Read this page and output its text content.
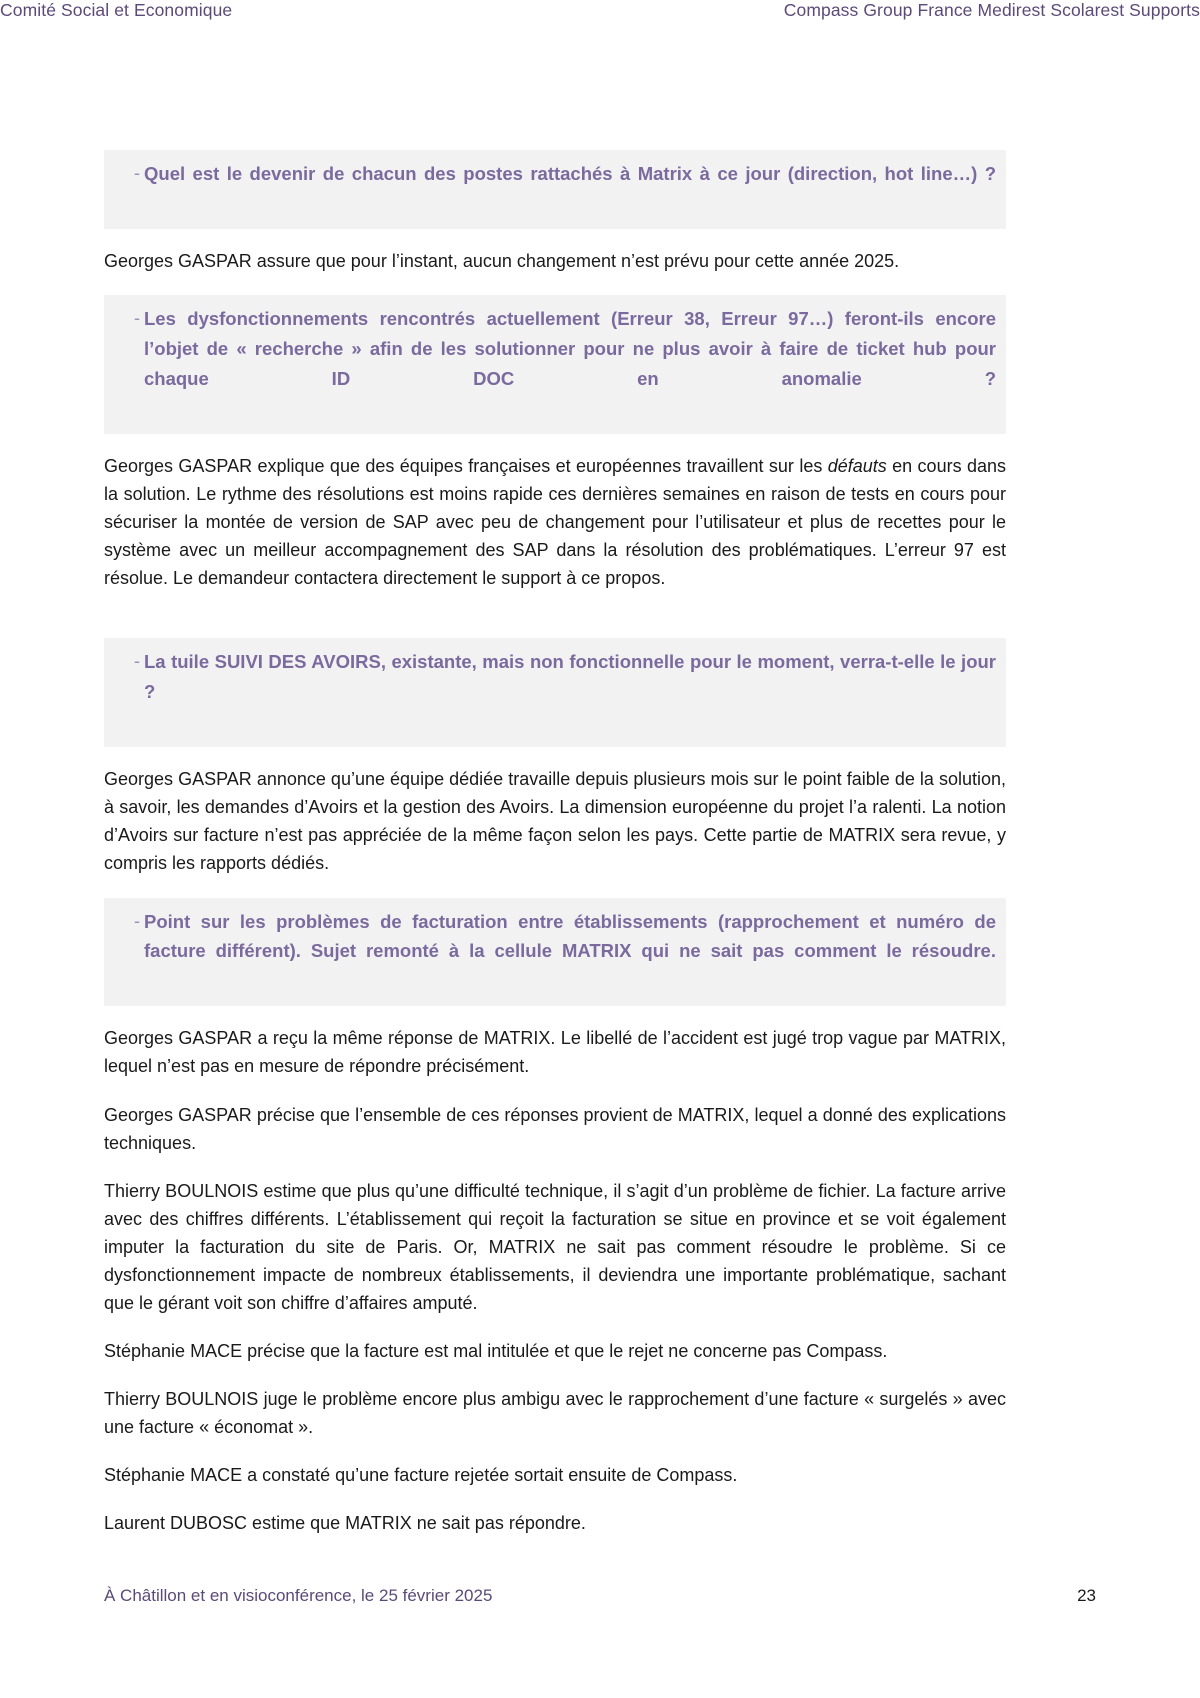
Comité Social et Economique	Compass Group France Medirest Scolarest Supports
- Quel est le devenir de chacun des postes rattachés à Matrix à ce jour (direction, hot line…) ?

Georges GASPAR assure que pour l’instant, aucun changement n’est prévu pour cette année 2025.

- Les dysfonctionnements rencontrés actuellement (Erreur 38, Erreur 97…) feront-ils encore l’objet de « recherche » afin de les solutionner pour ne plus avoir à faire de ticket hub pour chaque ID DOC en anomalie ?

Georges GASPAR explique que des équipes françaises et européennes travaillent sur les défauts en cours dans la solution. Le rythme des résolutions est moins rapide ces dernières semaines en raison de tests en cours pour sécuriser la montée de version de SAP avec peu de changement pour l’utilisateur et plus de recettes pour le système avec un meilleur accompagnement des SAP dans la résolution des problématiques. L’erreur 97 est résolue. Le demandeur contactera directement le support à ce propos.

- La tuile SUIVI DES AVOIRS, existante, mais non fonctionnelle pour le moment, verra-t-elle le jour ?

Georges GASPAR annonce qu’une équipe dédiée travaille depuis plusieurs mois sur le point faible de la solution, à savoir, les demandes d’Avoirs et la gestion des Avoirs. La dimension européenne du projet l’a ralenti. La notion d’Avoirs sur facture n’est pas appréciée de la même façon selon les pays. Cette partie de MATRIX sera revue, y compris les rapports dédiés.

- Point sur les problèmes de facturation entre établissements (rapprochement et numéro de facture différent). Sujet remonté à la cellule MATRIX qui ne sait pas comment le résoudre.

Georges GASPAR a reçu la même réponse de MATRIX. Le libellé de l’accident est jugé trop vague par MATRIX, lequel n’est pas en mesure de répondre précisément.

Georges GASPAR précise que l’ensemble de ces réponses provient de MATRIX, lequel a donné des explications techniques.

Thierry BOULNOIS estime que plus qu’une difficulté technique, il s’agit d’un problème de fichier. La facture arrive avec des chiffres différents. L’établissement qui reçoit la facturation se situe en province et se voit également imputer la facturation du site de Paris. Or, MATRIX ne sait pas comment résoudre le problème. Si ce dysfonctionnement impacte de nombreux établissements, il deviendra une importante problématique, sachant que le gérant voit son chiffre d’affaires amputé.

Stéphanie MACE précise que la facture est mal intitulée et que le rejet ne concerne pas Compass.

Thierry BOULNOIS juge le problème encore plus ambigu avec le rapprochement d’une facture « surgelés » avec une facture « économat ».

Stéphanie MACE a constaté qu’une facture rejetée sortait ensuite de Compass.

Laurent DUBOSC estime que MATRIX ne sait pas répondre.

À Châtillon et en visioconférence, le 25 février 2025	23
